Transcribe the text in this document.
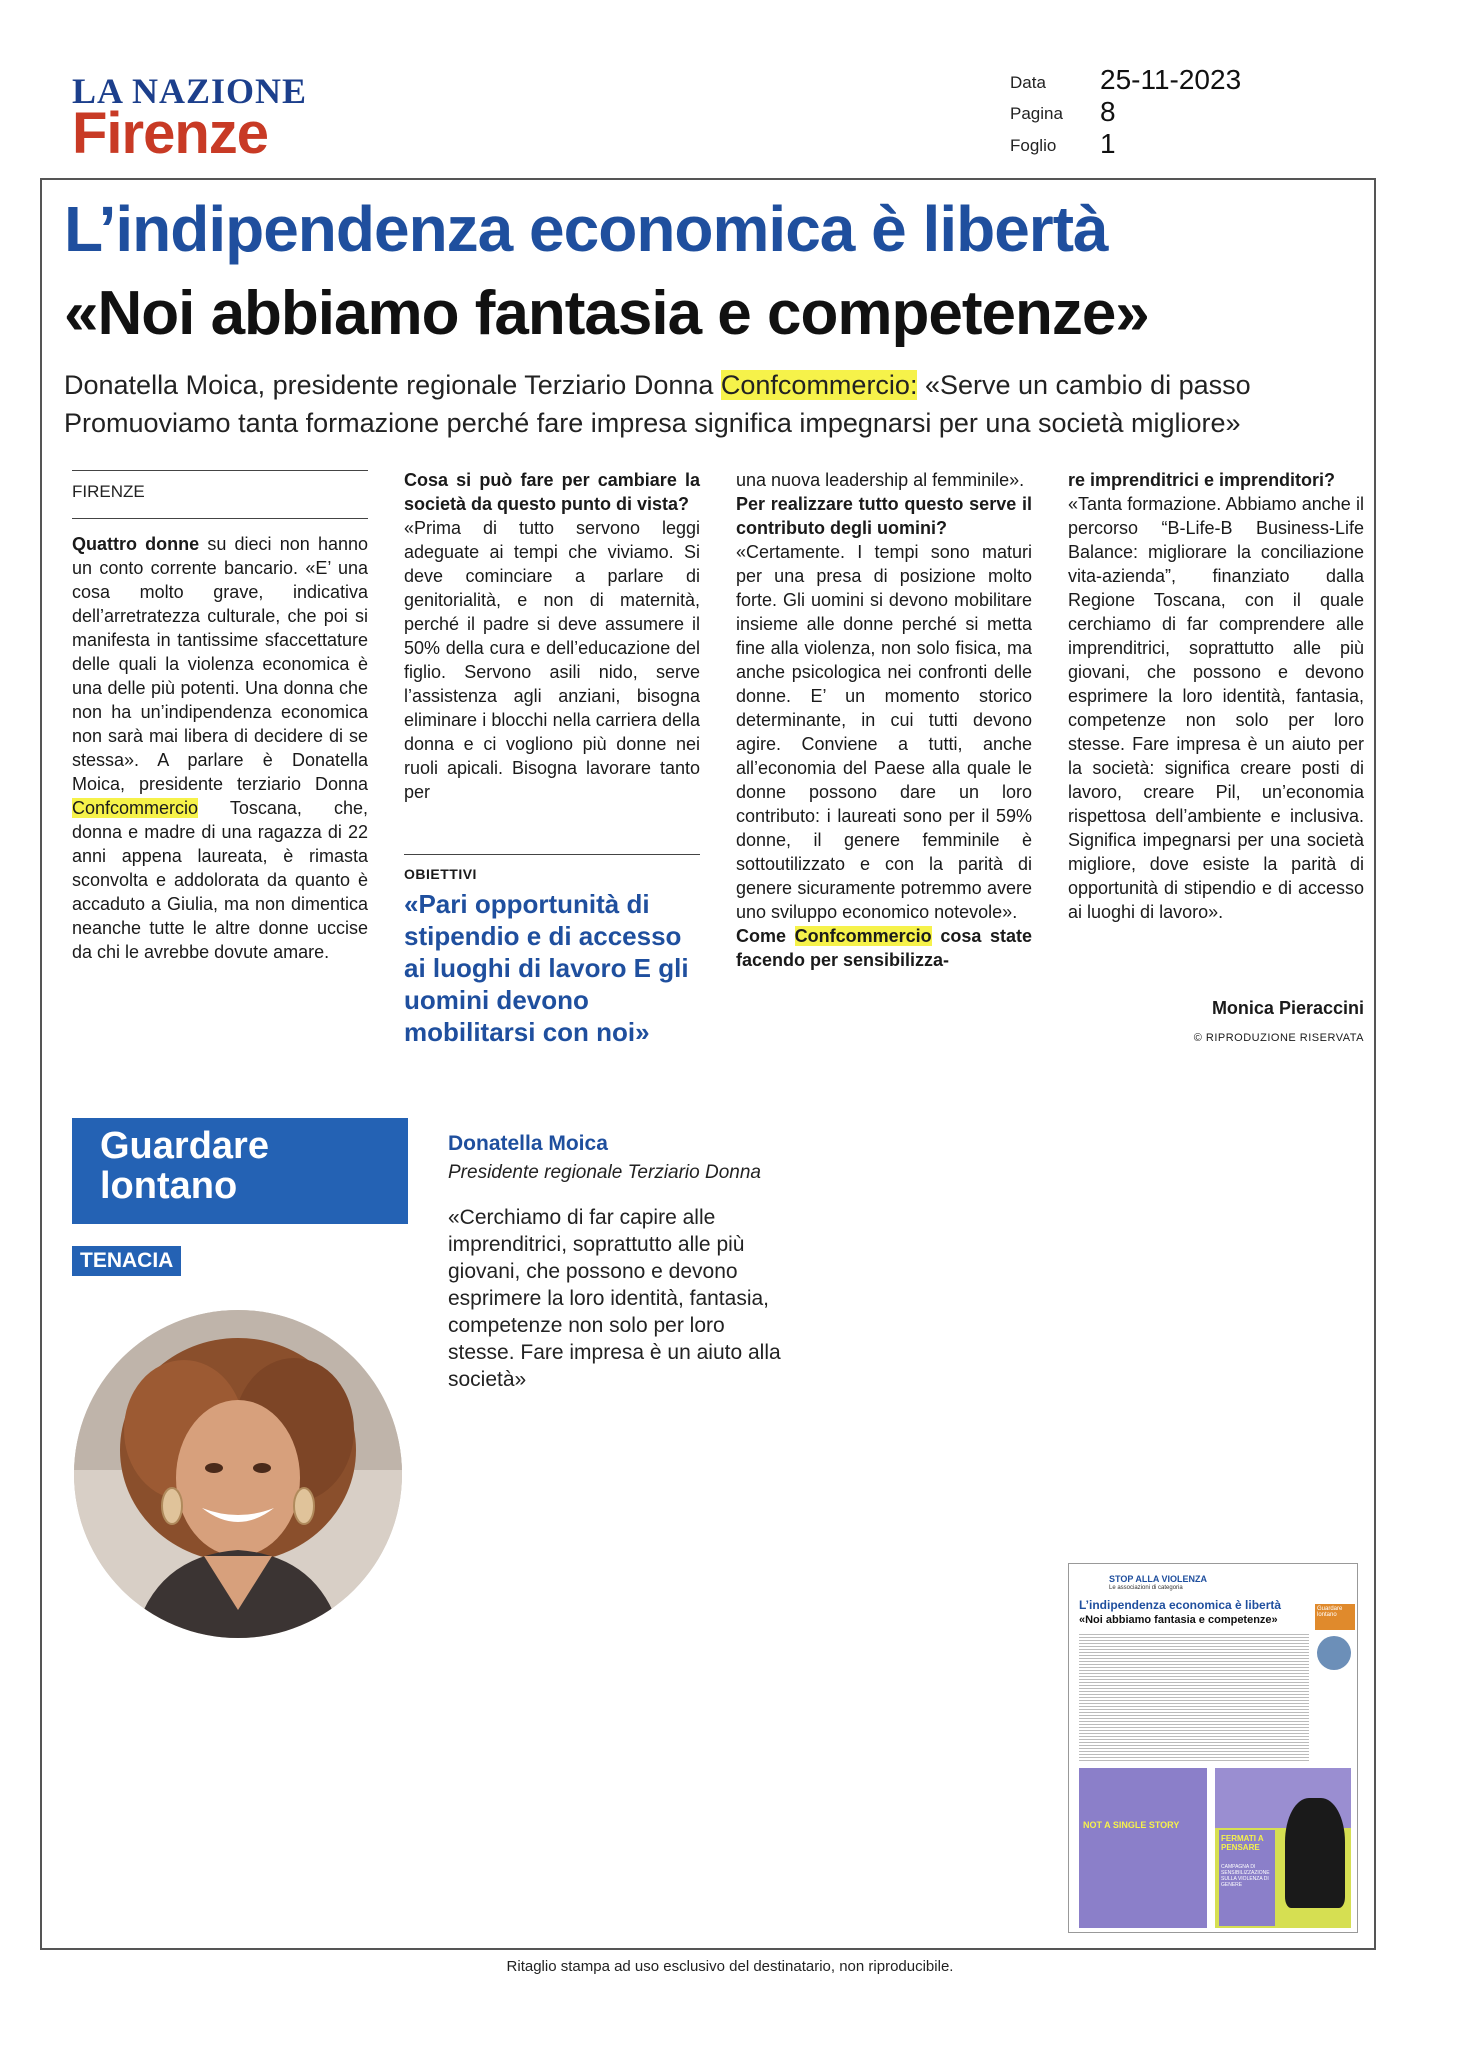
LA NAZIONE
Firenze
Data 25-11-2023
Pagina 8
Foglio 1
L’indipendenza economica è libertà
«Noi abbiamo fantasia e competenze»
Donatella Moica, presidente regionale Terziario Donna Confcommercio: «Serve un cambio di passo
Promuoviamo tanta formazione perché fare impresa significa impegnarsi per una società migliore»
FIRENZE

Quattro donne su dieci non hanno un conto corrente bancario. «E’ una cosa molto grave, indicativa dell’arretratezza culturale, che poi si manifesta in tantissime sfaccettature delle quali la violenza economica è una delle più potenti. Una donna che non ha un’indipendenza economica non sarà mai libera di decidere di se stessa». A parlare è Donatella Moica, presidente terziario Donna Confcommercio Toscana, che, donna e madre di una ragazza di 22 anni appena laureata, è rimasta sconvolta e addolorata da quanto è accaduto a Giulia, ma non dimentica neanche tutte le altre donne uccise da chi le avrebbe dovute amare.

Cosa si può fare per cambiare la società da questo punto di vista?

«Prima di tutto servono leggi adeguate ai tempi che viviamo. Si deve cominciare a parlare di genitorialità, e non di maternità, perché il padre si deve assumere il 50% della cura e dell’educazione del figlio. Servono asili nido, serve l’assistenza agli anziani, bisogna eliminare i blocchi nella carriera della donna e ci vogliono più donne nei ruoli apicali. Bisogna lavorare tanto per

OBIETTIVI
«Pari opportunità di stipendio e di accesso ai luoghi di lavoro E gli uomini devono mobilitarsi con noi»

una nuova leadership al femminile».

Per realizzare tutto questo serve il contributo degli uomini?

«Certamente. I tempi sono maturi per una presa di posizione molto forte. Gli uomini si devono mobilitare insieme alle donne perché si metta fine alla violenza, non solo fisica, ma anche psicologica nei confronti delle donne. E’ un momento storico determinante, in cui tutti devono agire. Conviene a tutti, anche all’economia del Paese alla quale le donne possono dare un loro contributo: i laureati sono per il 59% donne, il genere femminile è sottoutilizzato e con la parità di genere sicuramente potremmo avere uno sviluppo economico notevole».

Come Confcommercio cosa state facendo per sensibilizza-

re imprenditrici e imprenditori?

«Tanta formazione. Abbiamo anche il percorso “B-Life-B Business-Life Balance: migliorare la conciliazione vita-azienda”, finanziato dalla Regione Toscana, con il quale cerchiamo di far comprendere alle imprenditrici, soprattutto alle più giovani, che possono e devono esprimere la loro identità, fantasia, competenze non solo per loro stesse. Fare impresa è un aiuto per la società: significa creare posti di lavoro, creare Pil, un’economia rispettosa dell’ambiente e inclusiva. Significa impegnarsi per una società migliore, dove esiste la parità di opportunità di stipendio e di accesso ai luoghi di lavoro».

Monica Pieraccini
© RIPRODUZIONE RISERVATA
Guardare
lontano
TENACIA
Donatella Moica
Presidente regionale Terziario Donna
«Cerchiamo di far capire alle imprenditrici, soprattutto alle più giovani, che possono e devono esprimere la loro identità, fantasia, competenze non solo per loro stesse. Fare impresa è un aiuto alla società»
STOP ALLA VIOLENZA
Le associazioni di categoria
L’indipendenza economica è libertà
«Noi abbiamo fantasia e competenze»
Guardare lontano
NOT A SINGLE STORY
FERMATI A PENSARE
CAMPAGNA DI SENSIBILIZZAZIONE SULLA VIOLENZA DI GENERE
Ritaglio stampa ad uso esclusivo del destinatario, non riproducibile.
